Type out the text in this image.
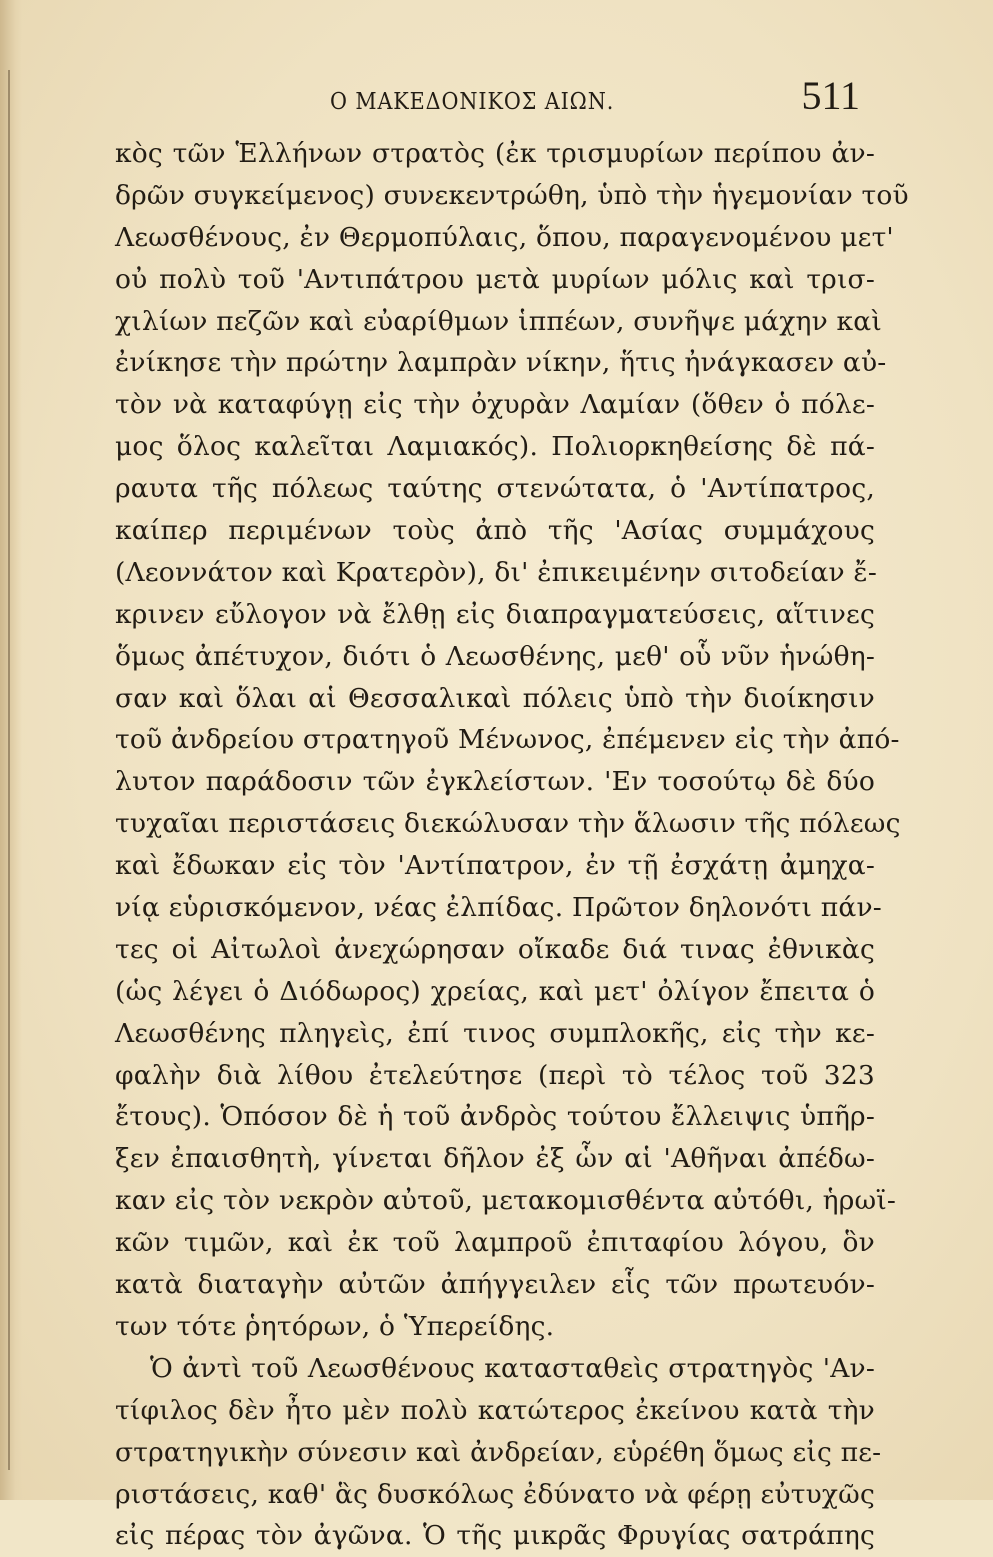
Ο ΜΑΚΕΔΟΝΙΚΟΣ ΑΙΩΝ.	511
κὸς τῶν Ἑλλήνων στρατὸς (ἐκ τρισμυρίων περίπου ἀν-
δρῶν συγκείμενος) συνεκεντρώθη, ὑπὸ τὴν ἡγεμονίαν τοῦ
Λεωσθένους, ἐν Θερμοπύλαις, ὅπου, παραγενομένου μετ'
οὐ πολὺ τοῦ 'Αντιπάτρου μετὰ μυρίων μόλις καὶ τρισ-
χιλίων πεζῶν καὶ εὐαρίθμων ἱππέων, συνῆψε μάχην καὶ
ἐνίκησε τὴν πρώτην λαμπρὰν νίκην, ἥτις ἠνάγκασεν αὐ-
τὸν νὰ καταφύγῃ εἰς τὴν ὀχυρὰν Λαμίαν (ὅθεν ὁ πόλε-
μος ὅλος καλεῖται Λαμιακός). Πολιορκηθείσης δὲ πά-
ραυτα τῆς πόλεως ταύτης στενώτατα, ὁ 'Αντίπατρος,
καίπερ περιμένων τοὺς ἀπὸ τῆς 'Ασίας συμμάχους
(Λεοννάτον καὶ Κρατερὸν), δι' ἐπικειμένην σιτοδείαν ἔ-
κρινεν εὔλογον νὰ ἔλθῃ εἰς διαπραγματεύσεις, αἵτινες
ὅμως ἀπέτυχον, διότι ὁ Λεωσθένης, μεθ' οὗ νῦν ἡνώθη-
σαν καὶ ὅλαι αἱ Θεσσαλικαὶ πόλεις ὑπὸ τὴν διοίκησιν
τοῦ ἀνδρείου στρατηγοῦ Μένωνος, ἐπέμενεν εἰς τὴν ἀπό-
λυτον παράδοσιν τῶν ἐγκλείστων. 'Εν τοσούτῳ δὲ δύο
τυχαῖαι περιστάσεις διεκώλυσαν τὴν ἅλωσιν τῆς πόλεως
καὶ ἔδωκαν εἰς τὸν 'Αντίπατρον, ἐν τῇ ἐσχάτῃ ἀμηχα-
νίᾳ εὑρισκόμενον, νέας ἐλπίδας. Πρῶτον δηλονότι πάν-
τες οἱ Αἰτωλοὶ ἀνεχώρησαν οἴκαδε διά τινας ἐθνικὰς
(ὡς λέγει ὁ Διόδωρος) χρείας, καὶ μετ' ὀλίγον ἔπειτα ὁ
Λεωσθένης πληγεὶς, ἐπί τινος συμπλοκῆς, εἰς τὴν κε-
φαλὴν διὰ λίθου ἐτελεύτησε (περὶ τὸ τέλος τοῦ 323
ἔτους). Ὁπόσον δὲ ἡ τοῦ ἀνδρὸς τούτου ἔλλειψις ὑπῆρ-
ξεν ἐπαισθητὴ, γίνεται δῆλον ἐξ ὧν αἱ 'Αθῆναι ἀπέδω-
καν εἰς τὸν νεκρὸν αὐτοῦ, μετακομισθέντα αὐτόθι, ἡρωϊ-
κῶν τιμῶν, καὶ ἐκ τοῦ λαμπροῦ ἐπιταφίου λόγου, ὃν
κατὰ διαταγὴν αὐτῶν ἀπήγγειλεν εἷς τῶν πρωτευόν-
των τότε ῥητόρων, ὁ Ὑπερείδης.
Ὁ ἀντὶ τοῦ Λεωσθένους κατασταθεὶς στρατηγὸς 'Αν-
τίφιλος δὲν ἦτο μὲν πολὺ κατώτερος ἐκείνου κατὰ τὴν
στρατηγικὴν σύνεσιν καὶ ἀνδρείαν, εὑρέθη ὅμως εἰς πε-
ριστάσεις, καθ' ἃς δυσκόλως ἐδύνατο νὰ φέρῃ εὐτυχῶς
εἰς πέρας τὸν ἀγῶνα. Ὁ τῆς μικρᾶς Φρυγίας σατράπης
